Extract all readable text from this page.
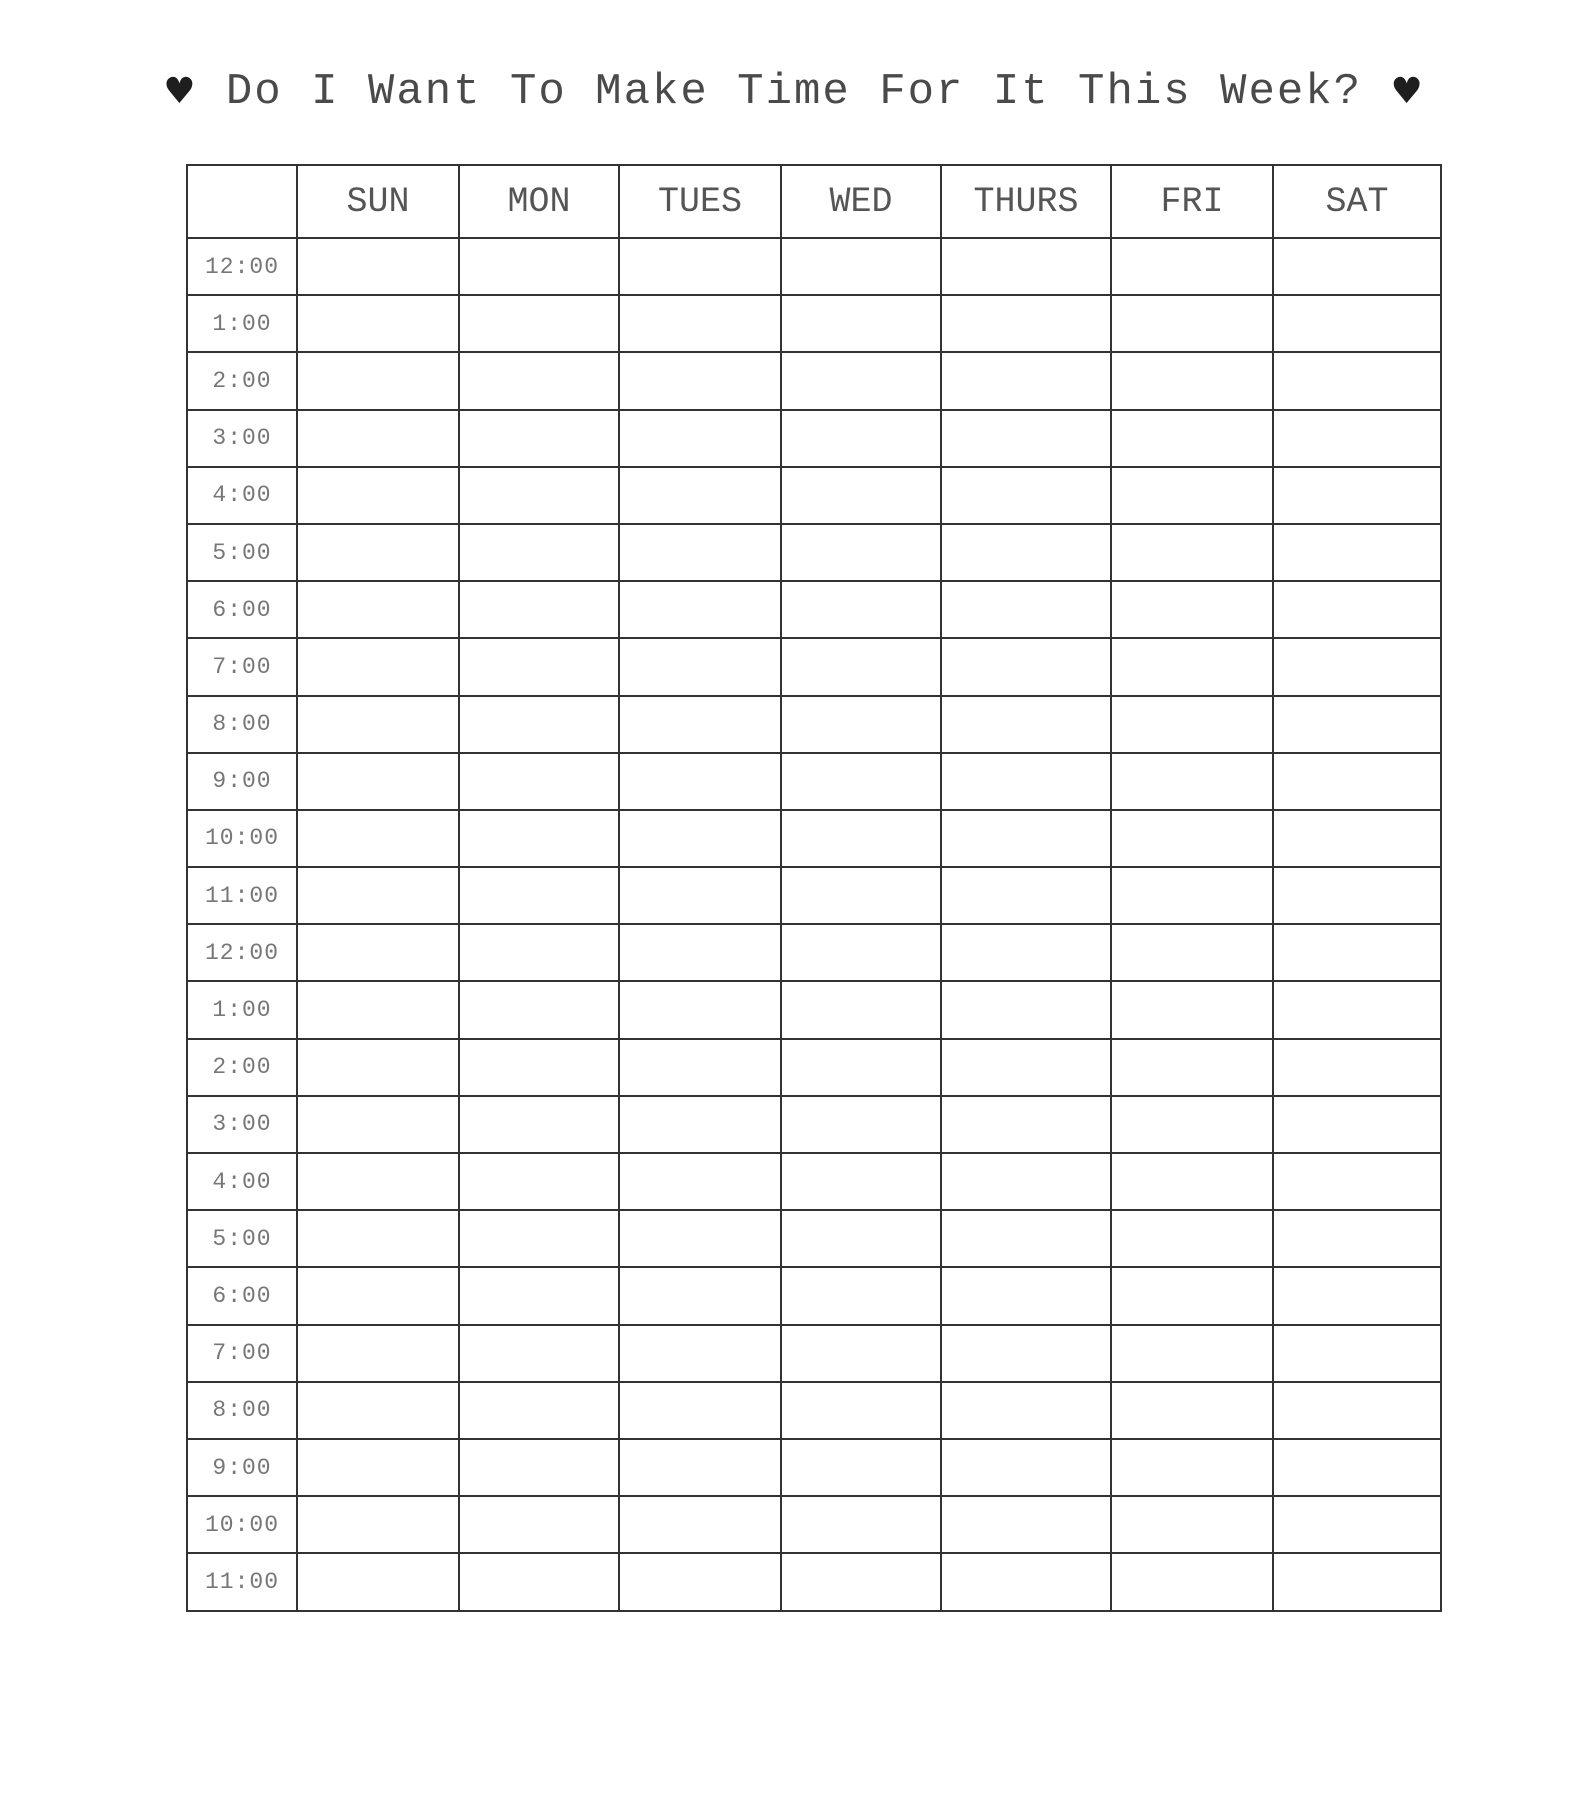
♥ Do I Want To Make Time For It This Week? ♥
	SUN	MON	TUES	WED	THURS	FRI	SAT
12:00							
1:00							
2:00							
3:00							
4:00							
5:00							
6:00							
7:00							
8:00							
9:00							
10:00							
11:00							
12:00							
1:00							
2:00							
3:00							
4:00							
5:00							
6:00							
7:00							
8:00							
9:00							
10:00							
11:00							
